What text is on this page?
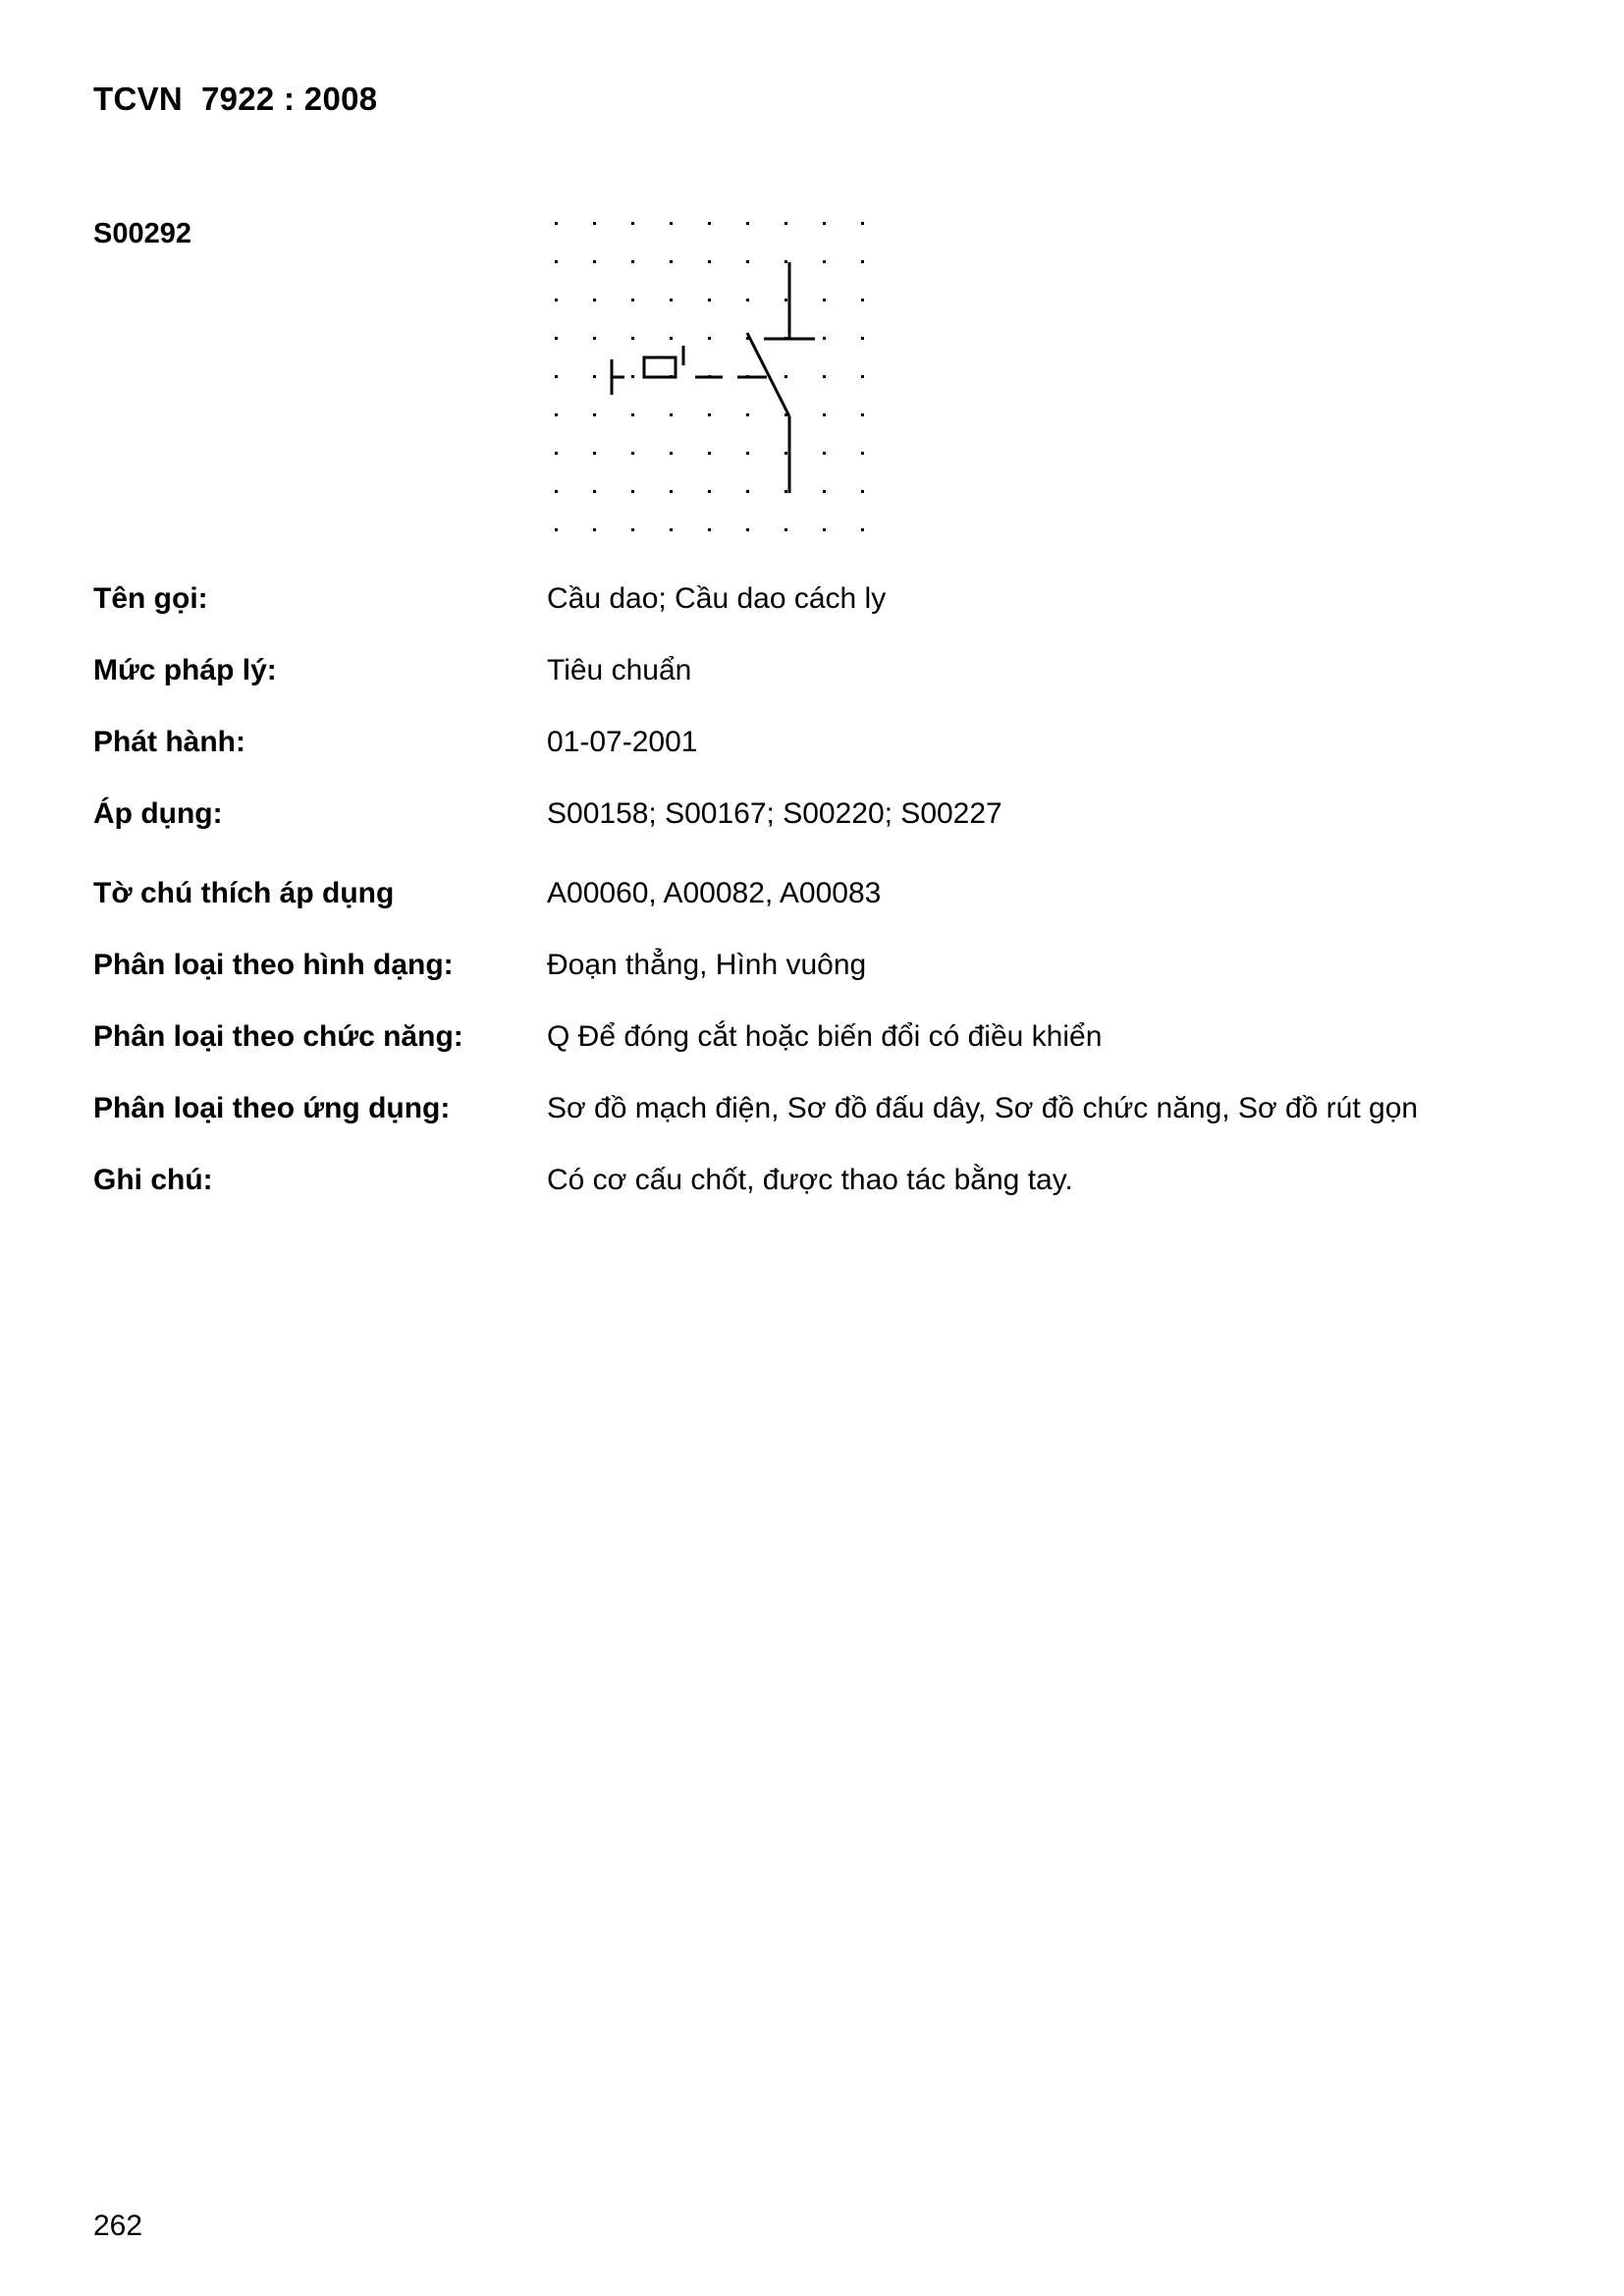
TCVN  7922 : 2008
S00292
Tên gọi:	Cầu dao; Cầu dao cách ly
Mức pháp lý:	Tiêu chuẩn
Phát hành:	01-07-2001
Áp dụng:	S00158; S00167; S00220; S00227
Tờ chú thích áp dụng	A00060, A00082, A00083
Phân loại theo hình dạng:	Đoạn thẳng, Hình vuông
Phân loại theo chức năng:	Q Để đóng cắt hoặc biến đổi có điều khiển
Phân loại theo ứng dụng:	Sơ đồ mạch điện, Sơ đồ đấu dây, Sơ đồ chức năng, Sơ đồ rút gọn
Ghi chú:	Có cơ cấu chốt, được thao tác bằng tay.
262
